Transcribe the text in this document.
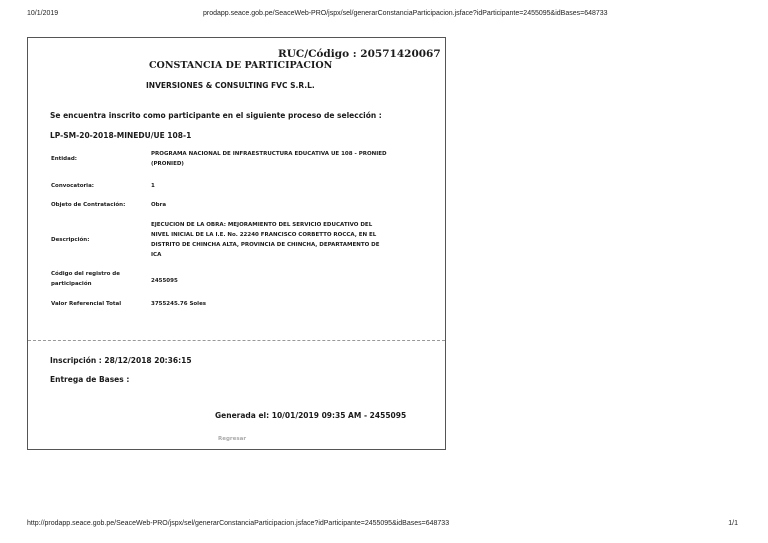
10/1/2019	prodapp.seace.gob.pe/SeaceWeb-PRO/jspx/sel/generarConstanciaParticipacion.jsface?idParticipante=2455095&idBases=648733
RUC/Código : 20571420067
CONSTANCIA DE PARTICIPACION
INVERSIONES & CONSULTING FVC S.R.L.
Se encuentra inscrito como participante en el siguiente proceso de selección :
LP-SM-20-2018-MINEDU/UE 108-1
Entidad:
PROGRAMA NACIONAL DE INFRAESTRUCTURA EDUCATIVA UE 108 - PRONIED (PRONIED)
Convocatoria:	1
Objeto de Contratación:	Obra
Descripción:
EJECUCION DE LA OBRA: MEJORAMIENTO DEL SERVICIO EDUCATIVO DEL NIVEL INICIAL DE LA I.E. No. 22240 FRANCISCO CORBETTO ROCCA, EN EL DISTRITO DE CHINCHA ALTA, PROVINCIA DE CHINCHA, DEPARTAMENTO DE ICA
Código del registro de participación	2455095
Valor Referencial Total	3755245.76 Soles
Inscripción : 28/12/2018 20:36:15
Entrega de Bases :
Generada el: 10/01/2019 09:35 AM - 2455095
Regresar
http://prodapp.seace.gob.pe/SeaceWeb-PRO/jspx/sel/generarConstanciaParticipacion.jsface?idParticipante=2455095&idBases=648733	1/1
